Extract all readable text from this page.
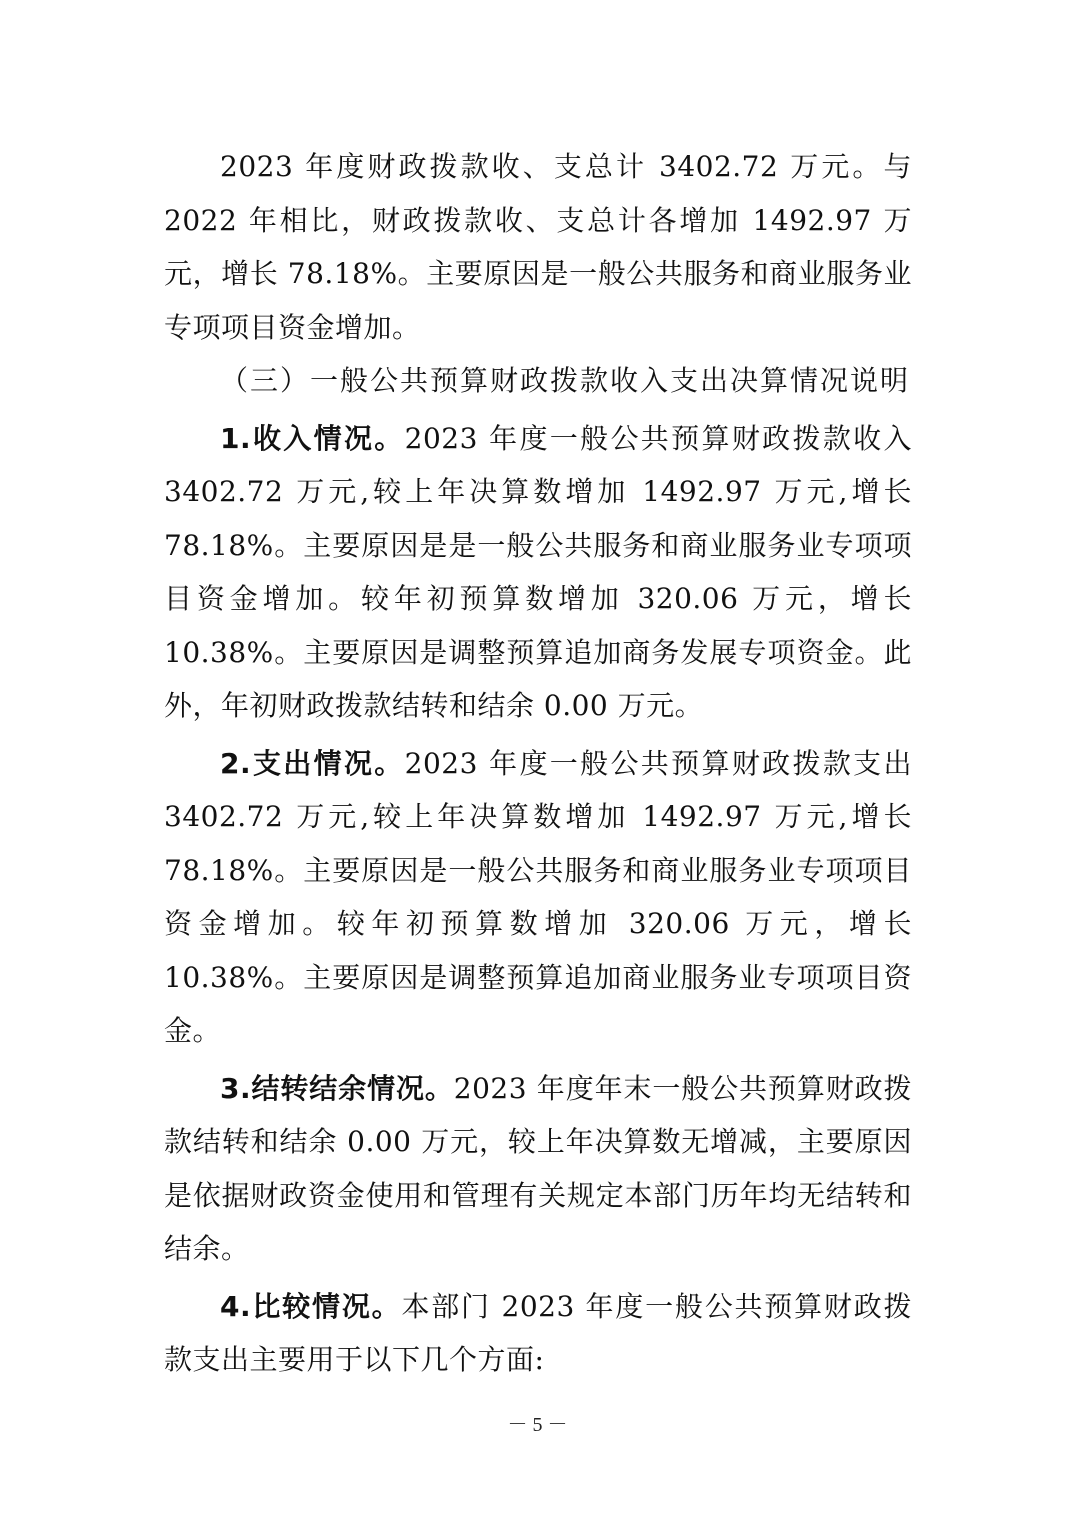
2023 年度财政拨款收、支总计 3402.72 万元。与 2022 年相比，财政拨款收、支总计各增加 1492.97 万元，增长 78.18%。主要原因是一般公共服务和商业服务业专项项目资金增加。

（三）一般公共预算财政拨款收入支出决算情况说明

1.收入情况。2023 年度一般公共预算财政拨款收入 3402.72 万元,较上年决算数增加 1492.97 万元,增长 78.18%。主要原因是是一般公共服务和商业服务业专项项目资金增加。较年初预算数增加 320.06 万元，增长 10.38%。主要原因是调整预算追加商务发展专项资金。此外，年初财政拨款结转和结余 0.00 万元。

2.支出情况。2023 年度一般公共预算财政拨款支出 3402.72 万元,较上年决算数增加 1492.97 万元,增长 78.18%。主要原因是一般公共服务和商业服务业专项项目资金增加。较年初预算数增加 320.06 万元，增长 10.38%。主要原因是调整预算追加商业服务业专项项目资金。

3.结转结余情况。2023 年度年末一般公共预算财政拨款结转和结余 0.00 万元，较上年决算数无增减，主要原因是依据财政资金使用和管理有关规定本部门历年均无结转和结余。

4.比较情况。本部门 2023 年度一般公共预算财政拨款支出主要用于以下几个方面:

－ 5 －
